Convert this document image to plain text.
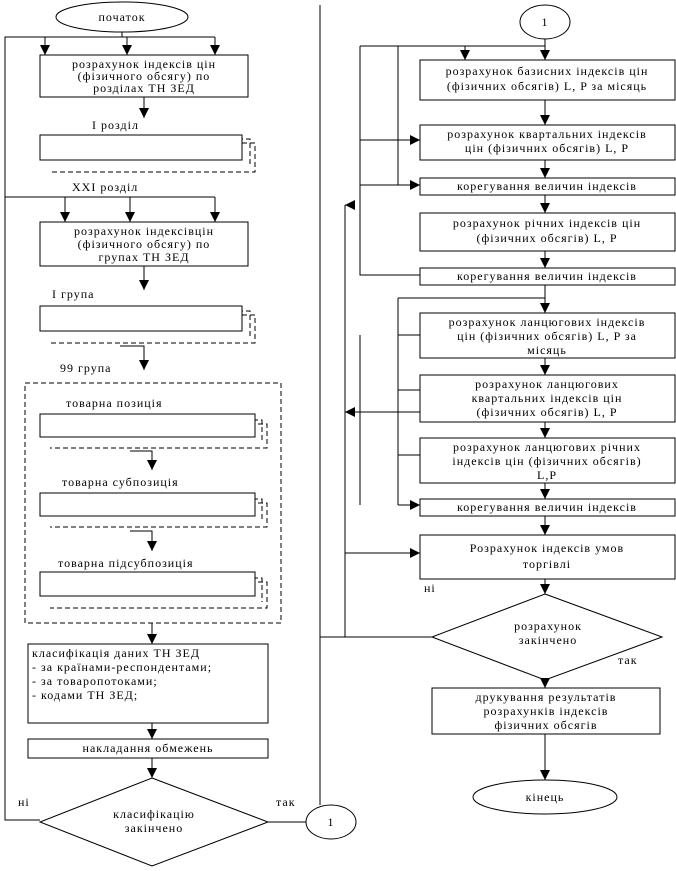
початок
розрахунок індексів цін
(фізичного обсягу) по
розділах ТН ЗЕД
І розділ
XXI розділ
розрахунок індексівцін
(фізичного обсягу) по
групах ТН ЗЕД
І група
99 група
товарна позиція
товарна субпозиція
товарна підсубпозиція
класифікація даних ТН ЗЕД
- за країнами-респондентами;
- за товаропотоками;
- кодами ТН ЗЕД;
накладання обмежень
класифікацію
закінчено
ні	так
1
1
розрахунок базисних індексів цін
(фізичних обсягів) L, P за місяць
розрахунок квартальних індексів
цін (фізичних обсягів) L, P
корегування величин індексів
розрахунок річних індексів цін
(фізичних обсягів) L, P
корегування величин індексів
розрахунок ланцюгових індексів
цін (фізичних обсягів) L, P за
місяць
розрахунок ланцюгових
квартальних індексів цін
(фізичних обсягів) L, P
розрахунок ланцюгових річних
індексів цін (фізичних обсягів)
L,P
корегування величин індексів
Розрахунок індексів умов
торгівлі
ні
розрахунок
закінчено
так
друкування результатів
розрахунків індексів
фізичних обсягів
кінець
